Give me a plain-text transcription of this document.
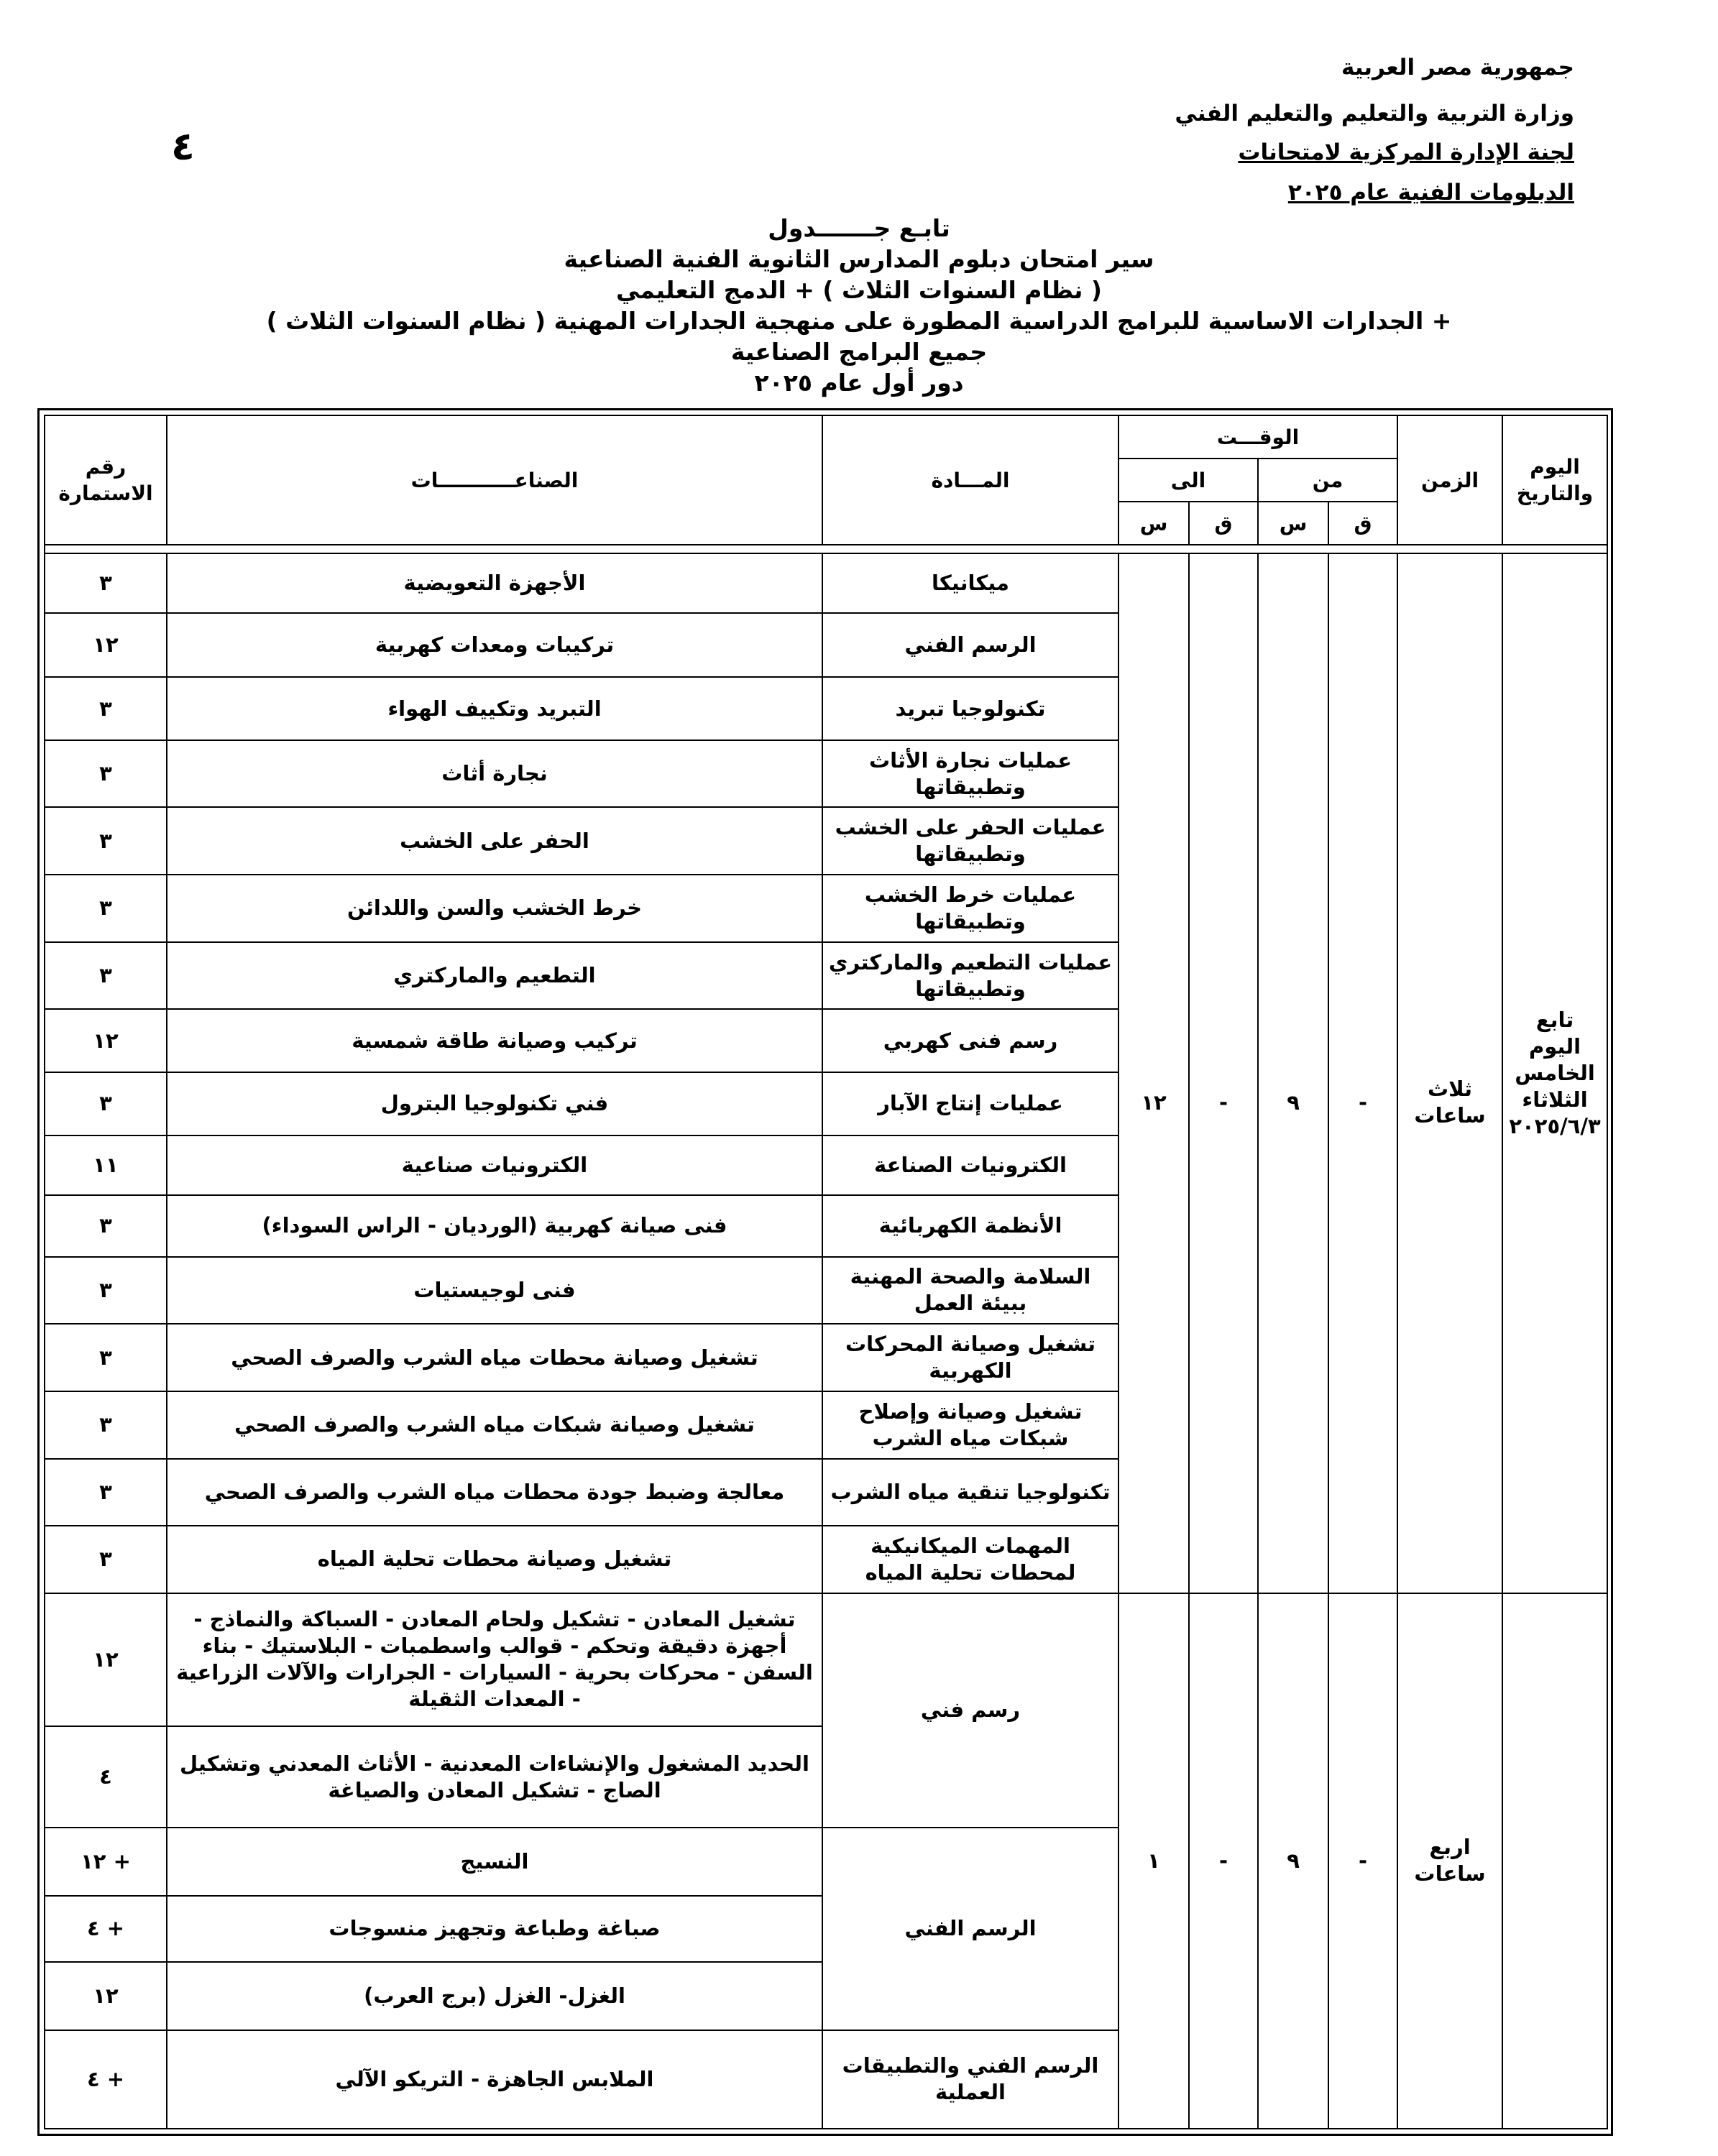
جمهورية مصر العربية
وزارة التربية والتعليم والتعليم الفني
لجنة الإدارة المركزية لامتحانات
الدبلومات الفنية عام ٢٠٢٥
٤
تابـع جـــــــدول
سير امتحان دبلوم المدارس الثانوية الفنية الصناعية
( نظام السنوات الثلاث ) + الدمج التعليمي
+ الجدارات الاساسية للبرامج الدراسية المطورة على منهجية الجدارات المهنية ( نظام السنوات الثلاث )
جميع البرامج الصناعية
دور أول عام ٢٠٢٥
اليوم والتاريخ	الزمن	الوقـــت				المـــادة	الصناعـــــــــــات	رقم الاستمارة
		من		الى				
		ق	س	ق	س			

تابع اليوم الخامس الثلاثاء ٢٠٢٥/٦/٣						ميكانيكا	الأجهزة التعويضية	٣
	ثلاث ساعات	-	٩	-	١٢	الرسم الفني	تركيبات ومعدات كهربية	١٢
						تكنولوجيا تبريد	التبريد وتكييف الهواء	٣
						عمليات نجارة الأثاث وتطبيقاتها	نجارة أثاث	٣
						عمليات الحفر على الخشب وتطبيقاتها	الحفر على الخشب	٣
						عمليات خرط الخشب وتطبيقاتها	خرط الخشب والسن واللدائن	٣
						عمليات التطعيم والماركتري وتطبيقاتها	التطعيم والماركتري	٣
						رسم فنى كهربي	تركيب وصيانة طاقة شمسية	١٢
						عمليات إنتاج الآبار	فني تكنولوجيا البترول	٣
						الكترونيات الصناعة	الكترونيات صناعية	١١
						الأنظمة الكهربائية	فنى صيانة كهربية (الورديان - الراس السوداء)	٣
						السلامة والصحة المهنية ببيئة العمل	فنى لوجيستيات	٣
						تشغيل وصيانة المحركات الكهربية	تشغيل وصيانة محطات مياه الشرب والصرف الصحي	٣
						تشغيل وصيانة وإصلاح شبكات مياه الشرب	تشغيل وصيانة شبكات مياه الشرب والصرف الصحي	٣
						تكنولوجيا تنقية مياه الشرب	معالجة وضبط جودة محطات مياه الشرب والصرف الصحي	٣
						المهمات الميكانيكية لمحطات تحلية المياه	تشغيل وصيانة محطات تحلية المياه	٣
	اربع ساعات	-	٩	-	١	رسم فني	تشغيل المعادن - تشكيل ولحام المعادن - السباكة والنماذج - أجهزة دقيقة وتحكم - قوالب واسطمبات - البلاستيك - بناء السفن - محركات بحرية - السيارات - الجرارات والآلات الزراعية - المعدات الثقيلة	١٢
							الحديد المشغول والإنشاءات المعدنية - الأثاث المعدني وتشكيل الصاج - تشكيل المعادن والصياغة	٤
						الرسم الفني	النسيج	+ ١٢
							صباغة وطباعة وتجهيز منسوجات	+ ٤
							الغزل- الغزل (برج العرب)	١٢
						الرسم الفني والتطبيقات العملية	الملابس الجاهزة - التريكو الآلي	+ ٤
